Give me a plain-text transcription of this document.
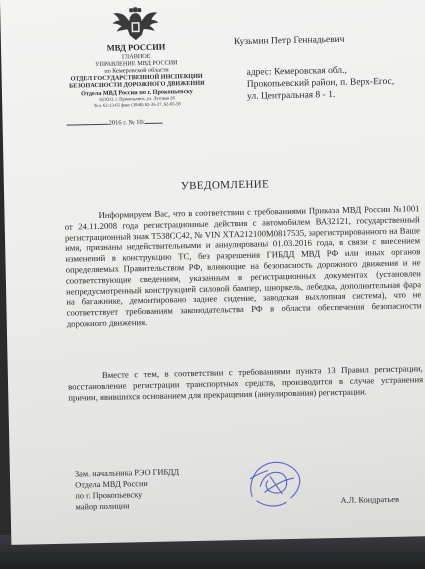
МВД РОССИИ
ГЛАВНОЕ
УПРАВЛЕНИЕ МВД РОССИИ
по Кемеровской области
ОТДЕЛ ГОСУДАРСТВЕННОЙ ИНСПЕКЦИИ
БЕЗОПАСНОСТИ ДОРОЖНОГО ДВИЖЕНИЯ
Отдела МВД России по г. Прокопьевску
653033, г. Прокопьевск, ул. Луговая 26
Тел. 62-13-65 факс (3846) 62-35-27, 62-65-58
2016 г. № 10/
Кузьмин Петр Геннадьевич
адрес: Кемеровская обл.,
Прокопьевский район, п. Верх-Егос,
ул. Центральная 8 - 1.
УВЕДОМЛЕНИЕ
Информируем Вас, что в соответствии с требованиями Приказа МВД России №1001 от 24.11.2008 года регистрационные действия с автомобилем ВАЗ2121, государственный регистрационный знак Т538СС42, № VIN ХТА212100М0817535, зарегистрированного на Ваше имя, признаны недействительными и аннулированы 01.03.2016 года, в связи с внесением изменений в конструкцию ТС, без разрешения ГИБДД МВД РФ или иных органов определяемых Правительством РФ, влияющие на безопасность дорожного движения и не соответствующие сведениям, указанным в регистрационных документах (установлен непредусмотренный конструкцией силовой бампер, шноркель, лебедка, дополнительная фара на багажнике, демонтировано заднее сидение, заводская выхлопная система), что не соответствует требованиям законодательства РФ в области обеспечения безопасности дорожного движения.
Вместе с тем, в соответствии с требованиями пункта 13 Правил регистрации, восстановление регистрации транспортных средств, производится в случае устранения причин, явившихся основанием для прекращения (аннулирования) регистрации.
Зам. начальника РЭО ГИБДД
Отдела МВД России
по г. Прокопьевску
майор полиции
А.Л. Кондратьев
